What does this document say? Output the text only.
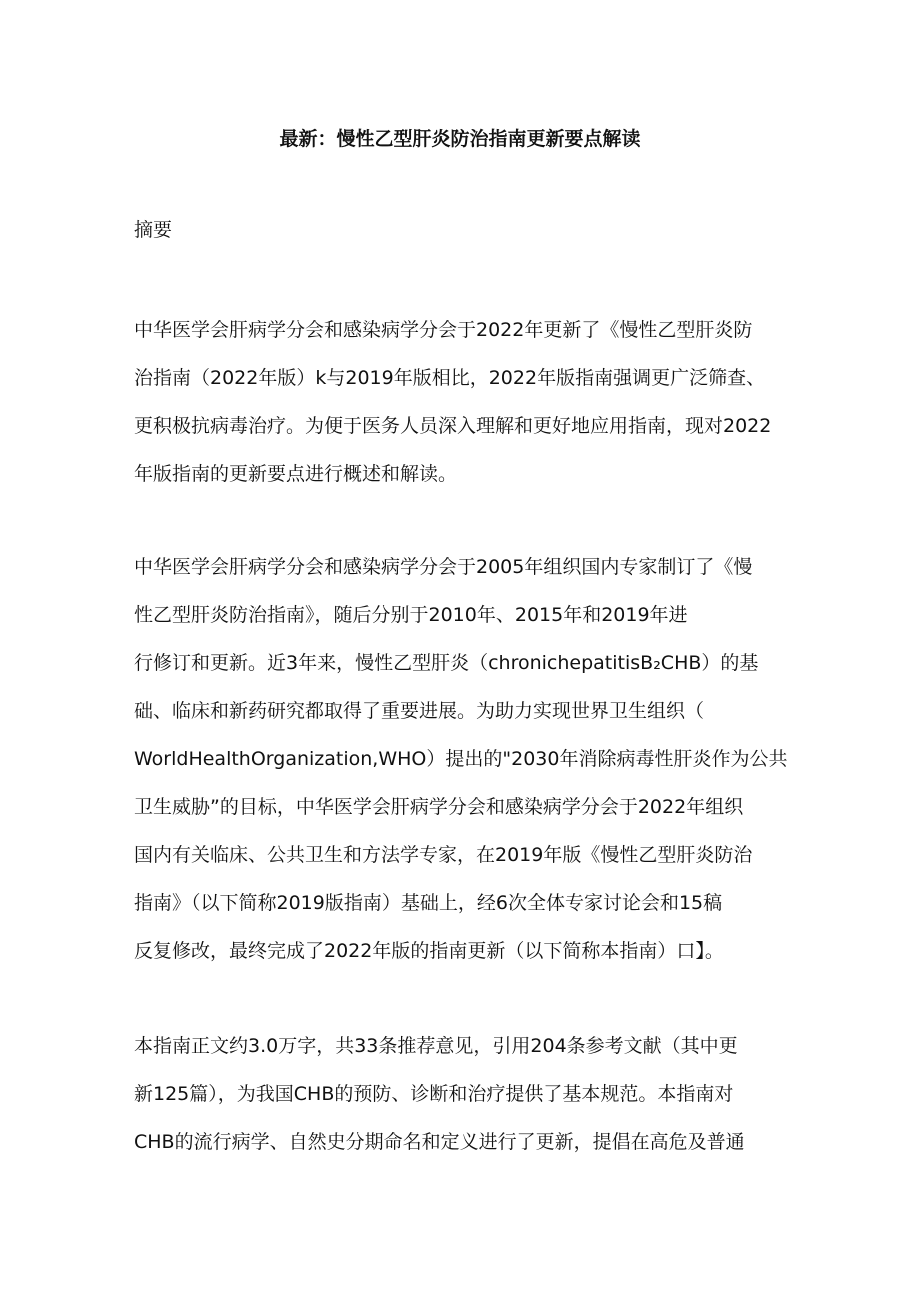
最新：慢性乙型肝炎防治指南更新要点解读
摘要
中华医学会肝病学分会和感染病学分会于2022年更新了《慢性乙型肝炎防
治指南（2022年版）k与2019年版相比，2022年版指南强调更广泛筛查、
更积极抗病毒治疗。为便于医务人员深入理解和更好地应用指南，现对2022
年版指南的更新要点进行概述和解读。
中华医学会肝病学分会和感染病学分会于2005年组织国内专家制订了《慢
性乙型肝炎防治指南》，随后分别于2010年、2015年和2019年进
行修订和更新。近3年来，慢性乙型肝炎（chronichepatitisB₂CHB）的基
础、临床和新药研究都取得了重要进展。为助力实现世界卫生组织（
WorldHealthOrganization,WHO）提出的"2030年消除病毒性肝炎作为公共
卫生威胁”的目标，中华医学会肝病学分会和感染病学分会于2022年组织
国内有关临床、公共卫生和方法学专家，在2019年版《慢性乙型肝炎防治
指南》（以下简称2019版指南）基础上，经6次全体专家讨论会和15稿
反复修改，最终完成了2022年版的指南更新（以下简称本指南）口】。
本指南正文约3.0万字，共33条推荐意见，引用204条参考文献（其中更
新125篇），为我国CHB的预防、诊断和治疗提供了基本规范。本指南对
CHB的流行病学、自然史分期命名和定义进行了更新，提倡在高危及普通
